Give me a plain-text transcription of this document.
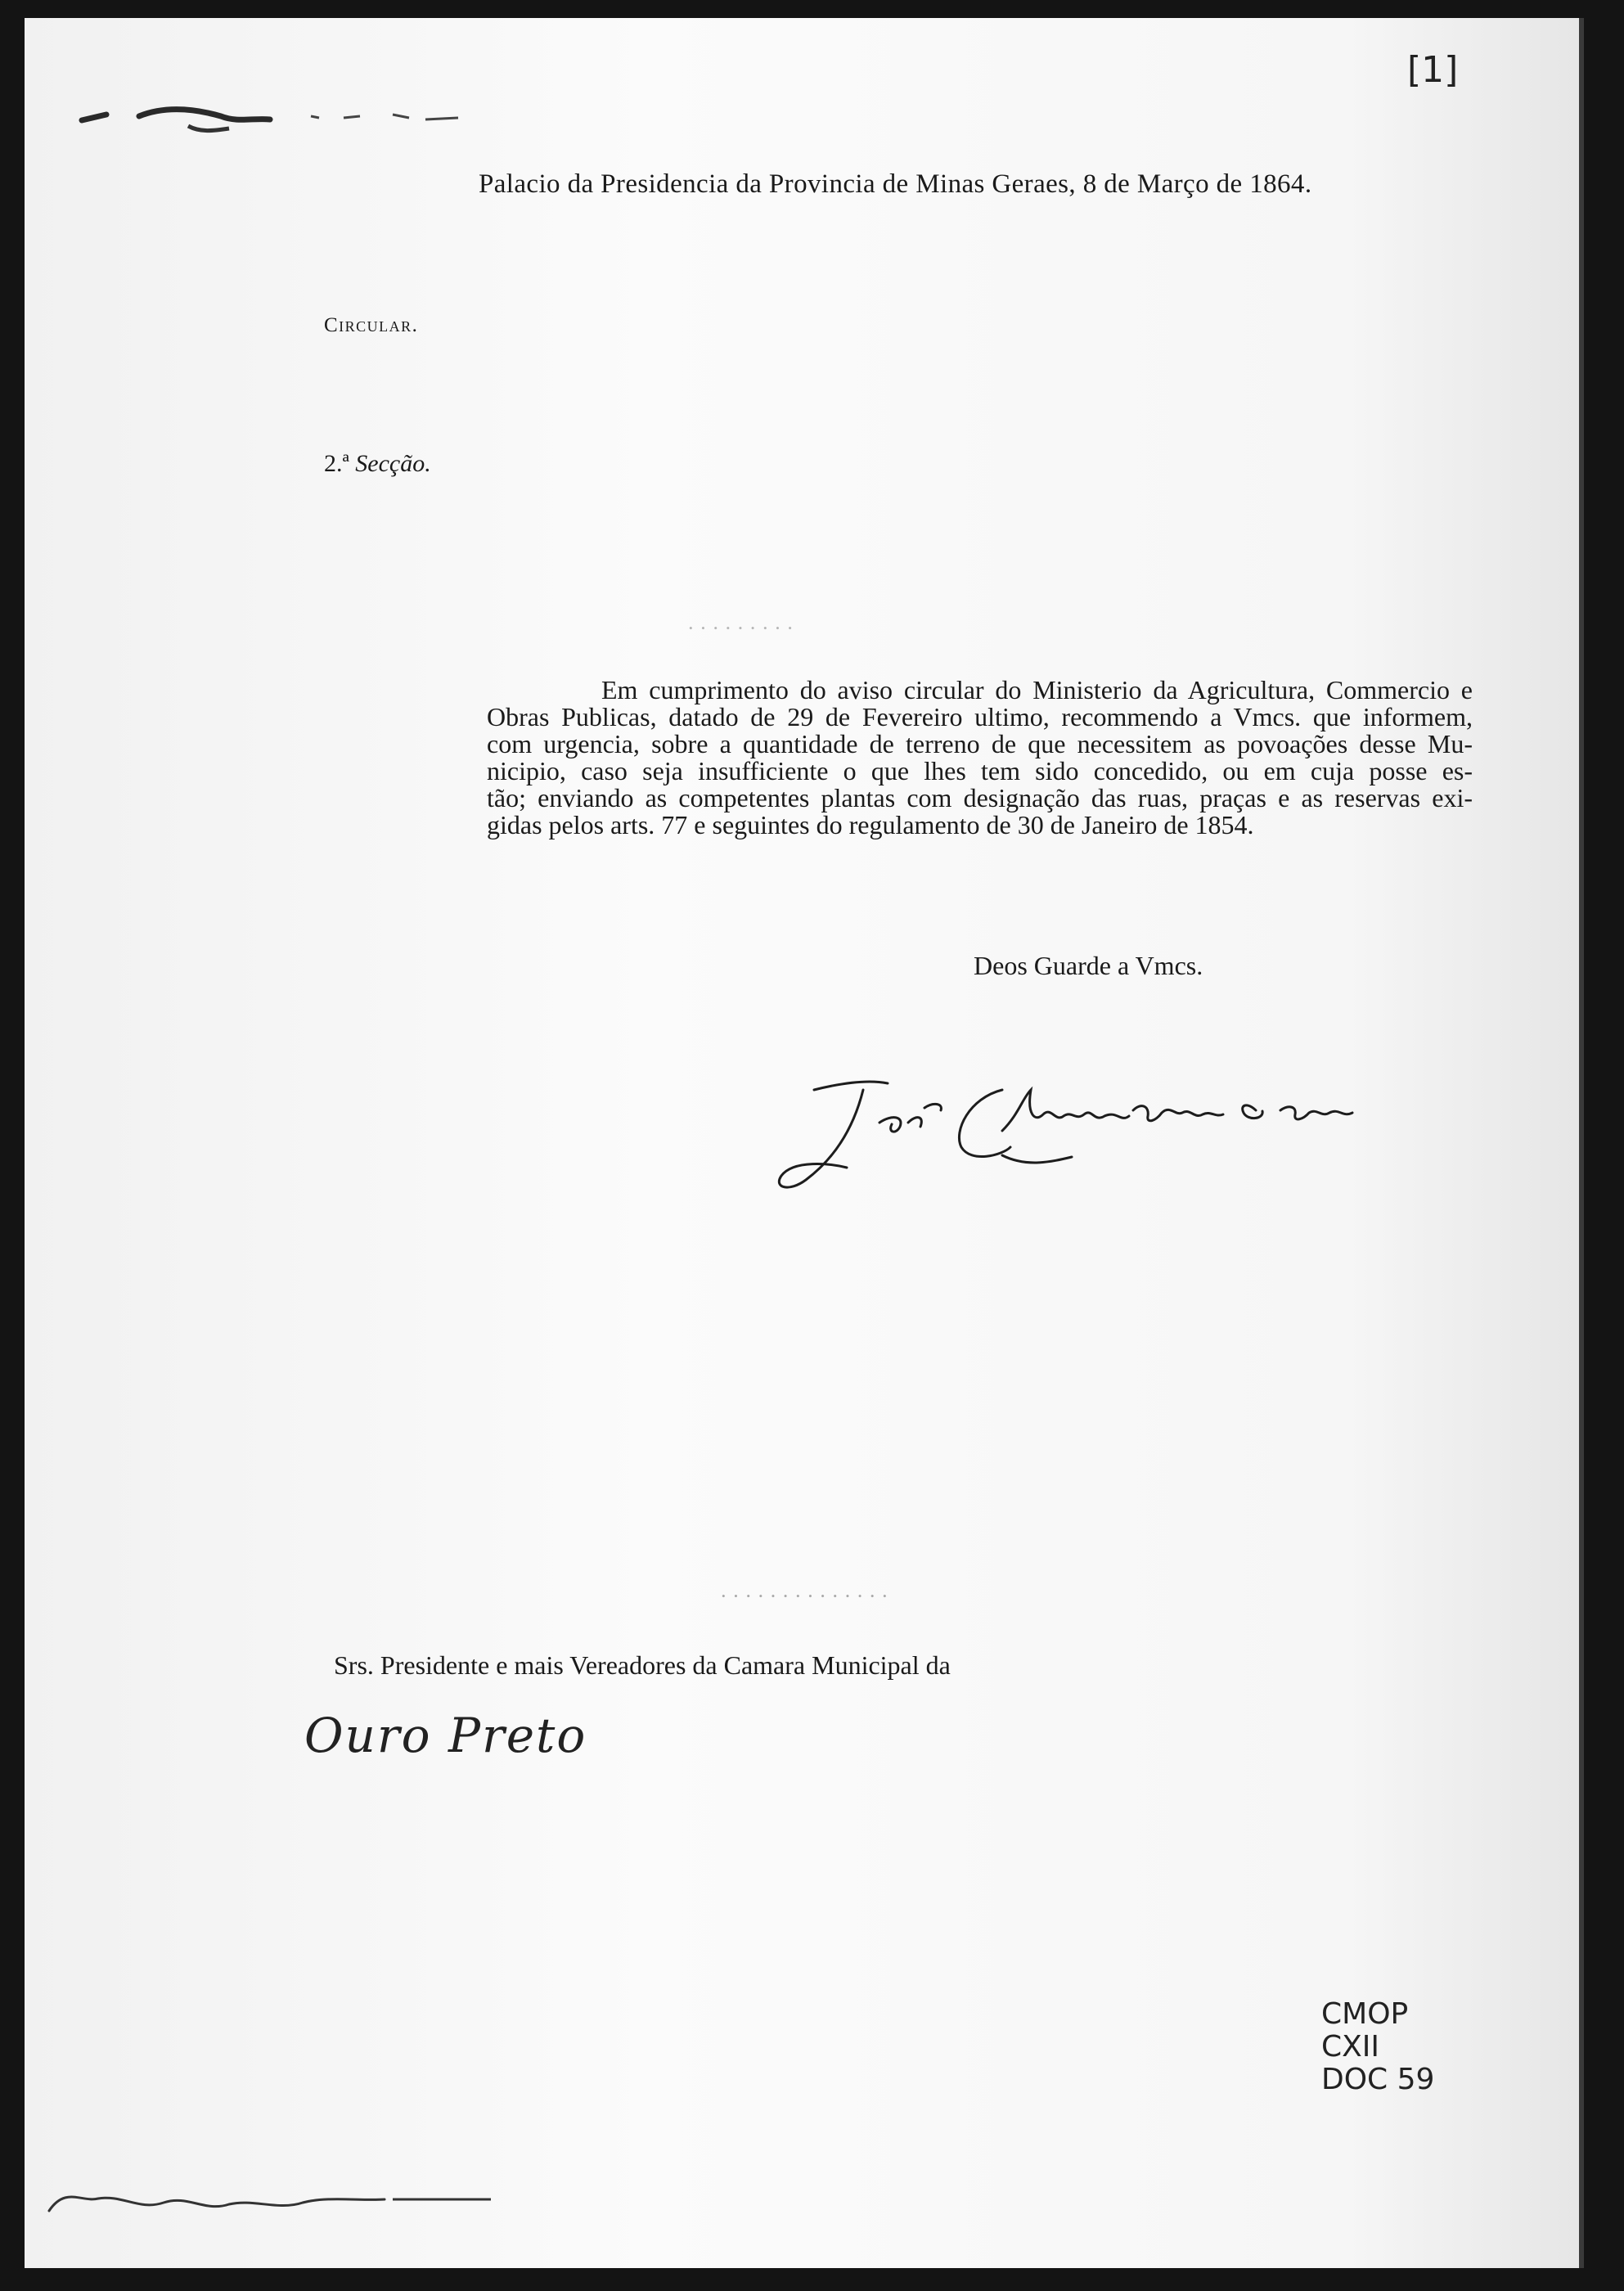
[1]
Palacio da Presidencia da Provincia de Minas Geraes, 8 de Março de 1864.
Circular.
2.ª Secção.
· · · · · · · · ·
Em cumprimento do aviso circular do Ministerio da Agricultura, Commercio e
Obras Publicas, datado de 29 de Fevereiro ultimo, recommendo a Vmcs. que informem,
com urgencia, sobre a quantidade de terreno de que necessitem as povoações desse Mu-
nicipio, caso seja insufficiente o que lhes tem sido concedido, ou em cuja posse es-
tão; enviando as competentes plantas com designação das ruas, praças e as reservas exi-
gidas pelos arts. 77 e seguintes do regulamento de 30 de Janeiro de 1854.
Deos Guarde a Vmcs.
· · · · · · · · · · · · · ·
Srs. Presidente e mais Vereadores da Camara Municipal da
Ouro Preto
CMOP
CXII
DOC 59
